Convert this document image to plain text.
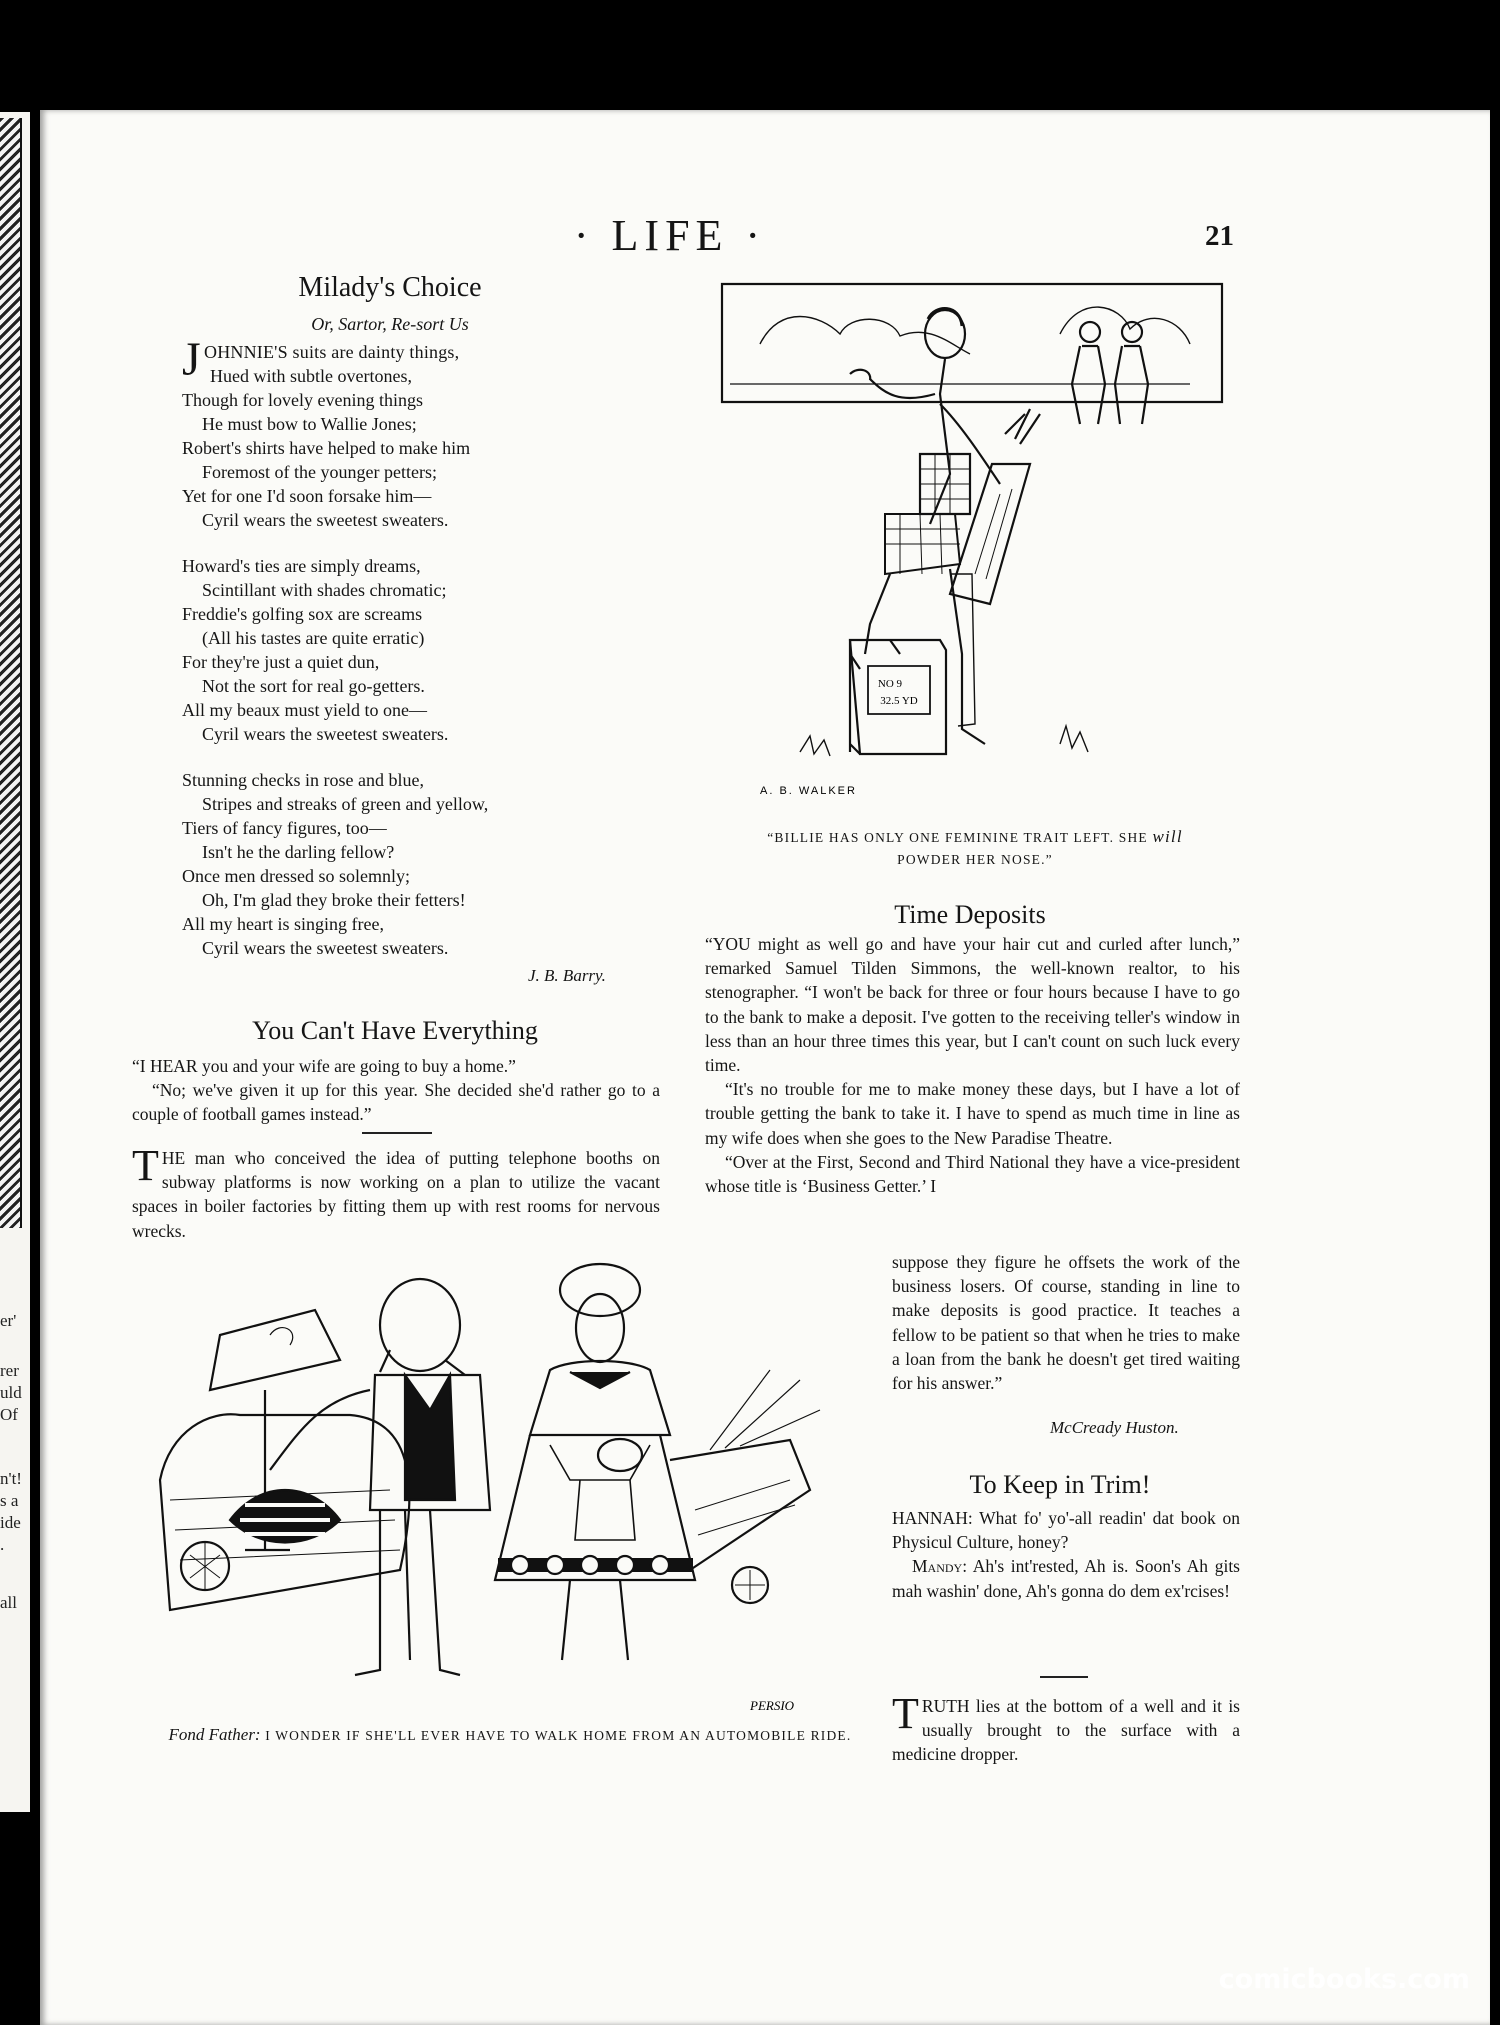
er'
rer
uld
Of
n't!
s a
ide
.
all
· LIFE ·	21
Milady's Choice
Or, Sartor, Re-sort Us
J OHNNIE'S suits are dainty things,
Hued with subtle overtones,
Though for lovely evening things
He must bow to Wallie Jones;
Robert's shirts have helped to make him
Foremost of the younger petters;
Yet for one I'd soon forsake him—
Cyril wears the sweetest sweaters.
Howard's ties are simply dreams,
Scintillant with shades chromatic;
Freddie's golfing sox are screams
(All his tastes are quite erratic)
For they're just a quiet dun,
Not the sort for real go-getters.
All my beaux must yield to one—
Cyril wears the sweetest sweaters.
Stunning checks in rose and blue,
Stripes and streaks of green and yellow,
Tiers of fancy figures, too—
Isn't he the darling fellow?
Once men dressed so solemnly;
Oh, I'm glad they broke their fetters!
All my heart is singing free,
Cyril wears the sweetest sweaters.
J. B. Barry.
You Can't Have Everything

“I HEAR you and your wife are going to buy a home.”

“No; we've given it up for this year. She decided she'd rather go to a couple of football games instead.”

T HE man who conceived the idea of putting telephone booths on subway platforms is now working on a plan to utilize the vacant spaces in boiler factories by fitting them up with rest rooms for nervous wrecks.
NO 9
32.5 YD
A. B. WALKER
“BILLIE HAS ONLY ONE FEMININE TRAIT LEFT. SHE will
POWDER HER NOSE.”
Time Deposits

“YOU might as well go and have your hair cut and curled after lunch,” remarked Samuel Tilden Simmons, the well-known realtor, to his stenographer. “I won't be back for three or four hours because I have to go to the bank to make a deposit. I've gotten to the receiving teller's window in less than an hour three times this year, but I can't count on such luck every time.

“It's no trouble for me to make money these days, but I have a lot of trouble getting the bank to take it. I have to spend as much time in line as my wife does when she goes to the New Paradise Theatre.

“Over at the First, Second and Third National they have a vice-president whose title is ‘Business Getter.’ I

suppose they figure he offsets the work of the business losers. Of course, standing in line to make deposits is good practice. It teaches a fellow to be patient so that when he tries to make a loan from the bank he doesn't get tired waiting for his answer.”

McCready Huston.
To Keep in Trim!

HANNAH: What fo' yo'-all readin' dat book on Physicul Culture, honey?

Mandy: Ah's int'rested, Ah is. Soon's Ah gits mah washin' done, Ah's gonna do dem ex'rcises!

T RUTH lies at the bottom of a well and it is usually brought to the surface with a medicine dropper.
PERSIO
Fond Father: I WONDER IF SHE'LL EVER HAVE TO WALK HOME FROM AN AUTOMOBILE RIDE.
comicbooks.com
